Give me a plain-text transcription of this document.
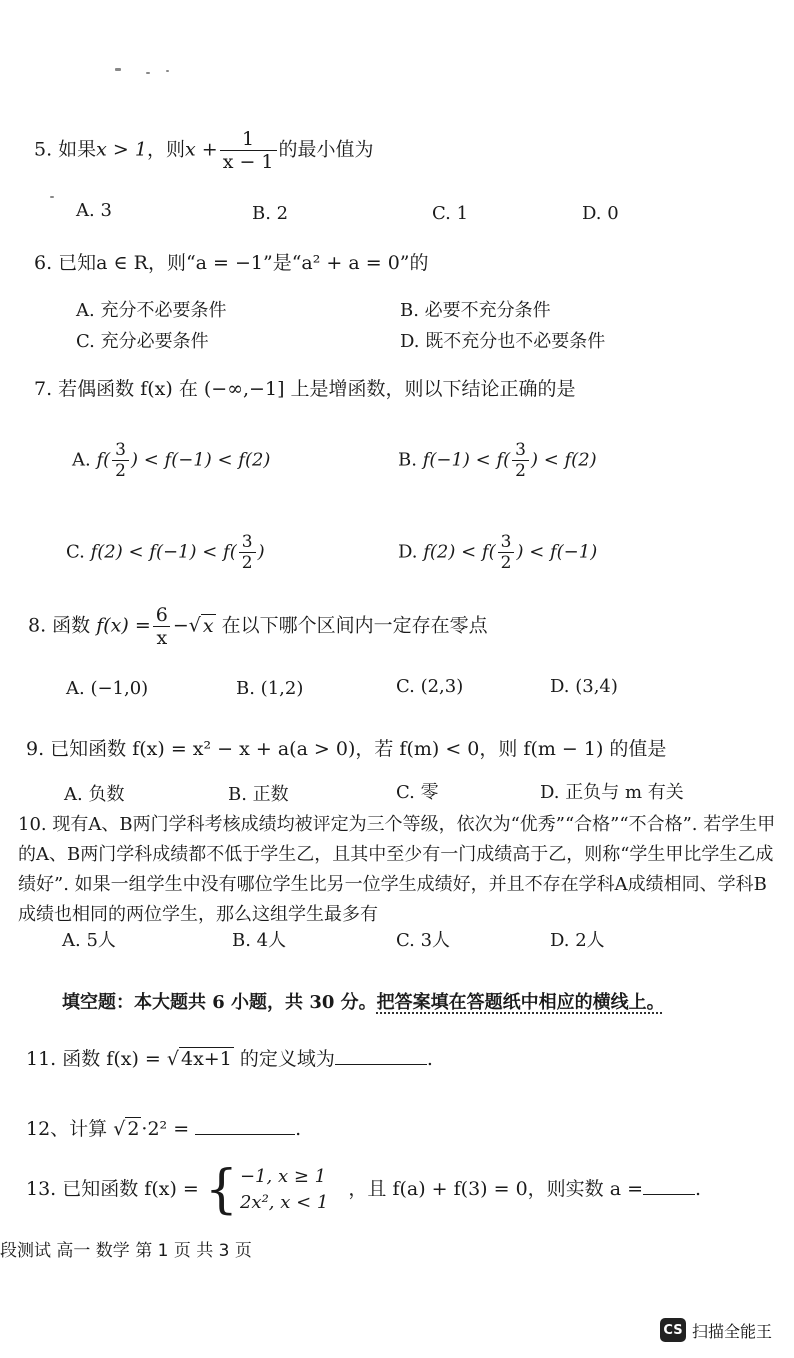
5. 如果x > 1，则$x + \frac{1}{x - 1}$ 的最小值为
A. 3	B. 2	C. 1	D. 0
6. 已知a ∈ R，则“a = −1”是“a² + a = 0”的
A. 充分不必要条件	B. 必要不充分条件
C. 充分必要条件	D. 既不充分也不必要条件
7. 若偶函数 f(x) 在 (−∞,−1] 上是增函数，则以下结论正确的是
A. $f( \frac{3}{2}$ ) < f(−1) < f(2)	B. $f(-1) < f( \frac{3}{2}$ ) < f(2)
C. $f(2) < f(-1) < f( \frac{3}{2}$ )	D. $f(2) < f( \frac{3}{2}$ ) < f(−1)
8. 函数 $f(x) = \frac{6}{x}$ −√ x 在以下哪个区间内一定存在零点
A. (−1,0)	B. (1,2)	C. (2,3)	D. (3,4)
9. 已知函数 f(x) = x² − x + a(a > 0)，若 f(m) < 0，则 f(m − 1) 的值是
A. 负数	B. 正数	C. 零	D. 正负与 m 有关
10. 现有A、B两门学科考核成绩均被评定为三个等级，依次为“优秀”“合格”“不合格”. 若学生甲的A、B两门学科成绩都不低于学生乙，且其中至少有一门成绩高于乙，则称“学生甲比学生乙成绩好”. 如果一组学生中没有哪位学生比另一位学生成绩好，并且不存在学科A成绩相同、学科B成绩也相同的两位学生，那么这组学生最多有
A. 5人	B. 4人	C. 3人	D. 2人
填空题：本大题共 6 小题，共 30 分。把答案填在答题纸中相应的横线上。
11. 函数 f(x) = √ 4x+1 的定义域为	.
12、计算 √ 2 ·2² =	.
13. 已知函数 f(x) = { −1, x ≥ 1
2x², x < 1
，且 f(a) + f(3) = 0，则实数 a =	.
段测试 高一 数学 第 1 页 共 3 页
CS 扫描全能王
